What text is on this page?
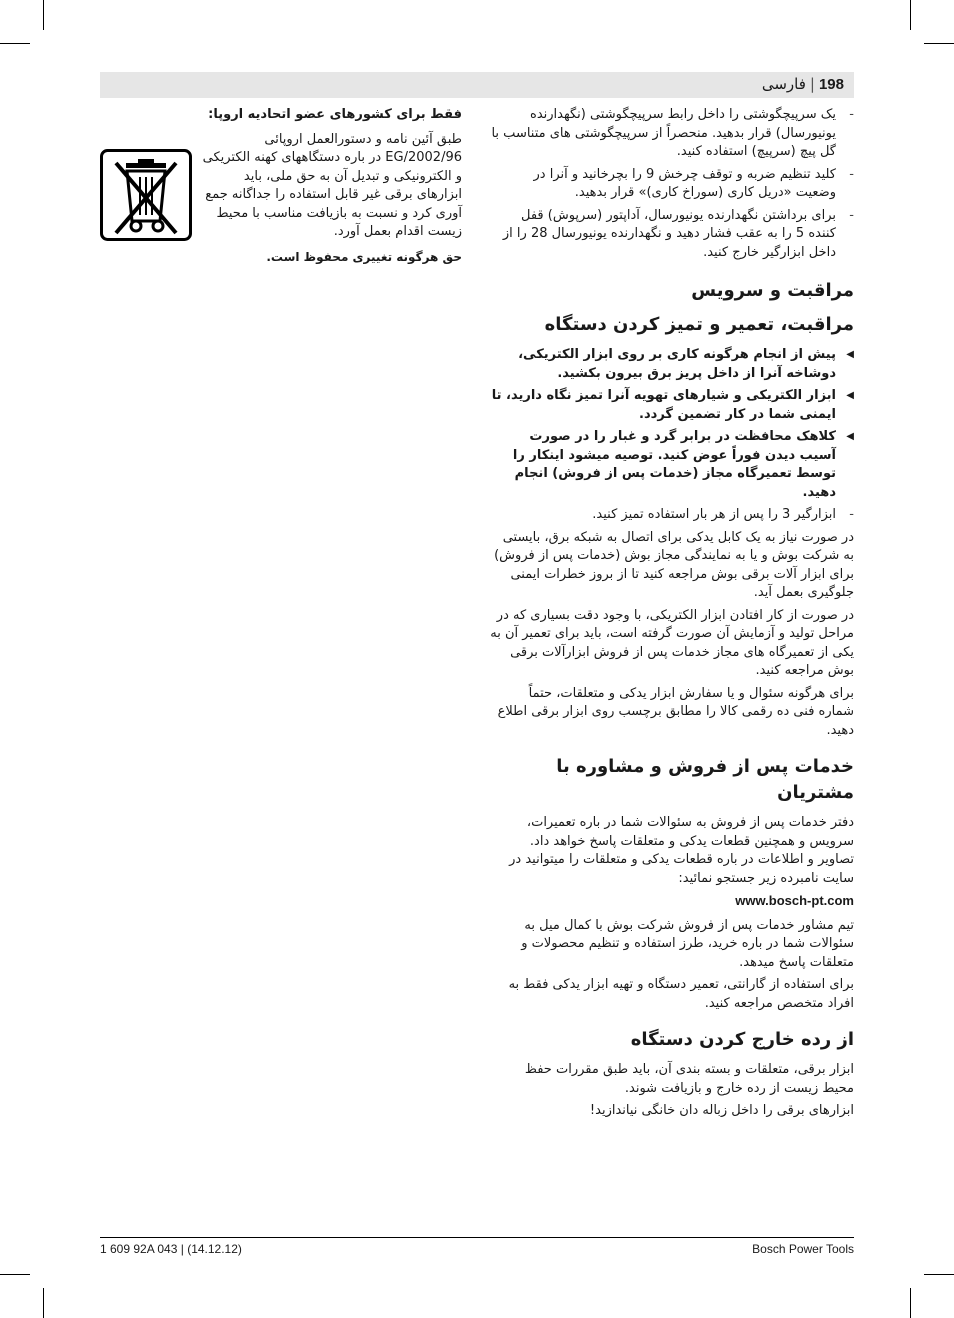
198|فارسی
-
یک سرپیچگوشتی را داخل رابط سرپیچگوشتی (نگهدارنده یونیورسال) قرار بدهید. منحصراً از سرپیچگوشتی های متناسب با گل پیچ (سرپیچ) استفاده کنید.
-
کلید تنظیم ضربه و توقف چرخش 9 را بچرخانید و آنرا در وضعیت «دریل کاری (سوراخ کاری)» قرار بدهید.
-
برای برداشتن نگهدارنده یونیورسال، آداپتور (سرپوش) قفل کننده 5 را به عقب فشار دهید و نگهدارنده یونیورسال 28 را از داخل ابزارگیر خارج کنید.
مراقبت و سرویس
مراقبت، تعمیر و تمیز کردن دستگاه
◀
پیش از انجام هرگونه کاری بر روی ابزار الکتریکی، دوشاخه آنرا از داخل پریز برق بیرون بکشید.
◀
ابزار الکتریکی و شیارهای تهویه آنرا تمیز نگاه دارید، تا ایمنی شما در کار تضمین گردد.
◀
کلاهک محافظت در برابر گرد و غبار را در صورت آسیب دیدن فوراً عوض کنید. توصیه میشود اینکار را توسط تعمیرگاه مجاز (خدمات پس از فروش) انجام دهید.
-
ابزارگیر 3 را پس از هر بار استفاده تمیز کنید.

در صورت نیاز به یک کابل یدکی برای اتصال به شبکه برق، بایستی به شرکت بوش و یا به نمایندگی مجاز بوش (خدمات پس از فروش) برای ابزار آلات برقی بوش مراجعه کنید تا از بروز خطرات ایمنی جلوگیری بعمل آید.

در صورت از کار افتادن ابزار الکتریکی، با وجود دقت بسیاری که در مراحل تولید و آزمایش آن صورت گرفته است، باید برای تعمیر آن به یکی از تعمیرگاه های مجاز خدمات پس از فروش ابزارآلات برقی بوش مراجعه کنید.

برای هرگونه سئوال و یا سفارش ابزار یدکی و متعلقات، حتماً شماره فنی ده رقمی کالا را مطابق برچسب روی ابزار برقی اطلاع دهید.

خدمات پس از فروش و مشاوره با مشتریان

دفتر خدمات پس از فروش به سئوالات شما در باره تعمیرات، سرویس و همچنین قطعات یدکی و متعلقات پاسخ خواهد داد. تصاویر و اطلاعات در باره قطعات یدکی و متعلقات را میتوانید در سایت نامبرده زیر جستجو نمائید:

www.bosch-pt.com

تیم مشاور خدمات پس از فروش شرکت بوش با کمال میل به سئوالات شما در باره خرید، طرز استفاده و تنظیم محصولات و متعلقات پاسخ میدهد.

برای استفاده از گارانتی، تعمیر دستگاه و تهیه ابزار یدکی فقط به افراد متخصص مراجعه کنید.

از رده خارج کردن دستگاه

ابزار برقی، متعلقات و بسته بندی آن، باید طبق مقررات حفظ محیط زیست از رده خارج و بازیافت شوند.

ابزارهای برقی را داخل زباله دان خانگی نیاندازید!

فقط برای کشورهای عضو اتحادیه اروپا:
طبق آئین نامه و دستورالعمل اروپائی 2002/96/EG در باره دستگاههای کهنه الکتریکی و الکترونیکی و تبدیل آن به حق ملی، باید ابزارهای برقی غیر قابل استفاده را جداگانه جمع آوری کرد و نسبت به بازیافت مناسب با محیط زیست اقدام بعمل آورد.
حق هرگونه تغییری محفوظ است.
1 609 92A 043 | (14.12.12)	Bosch Power Tools
